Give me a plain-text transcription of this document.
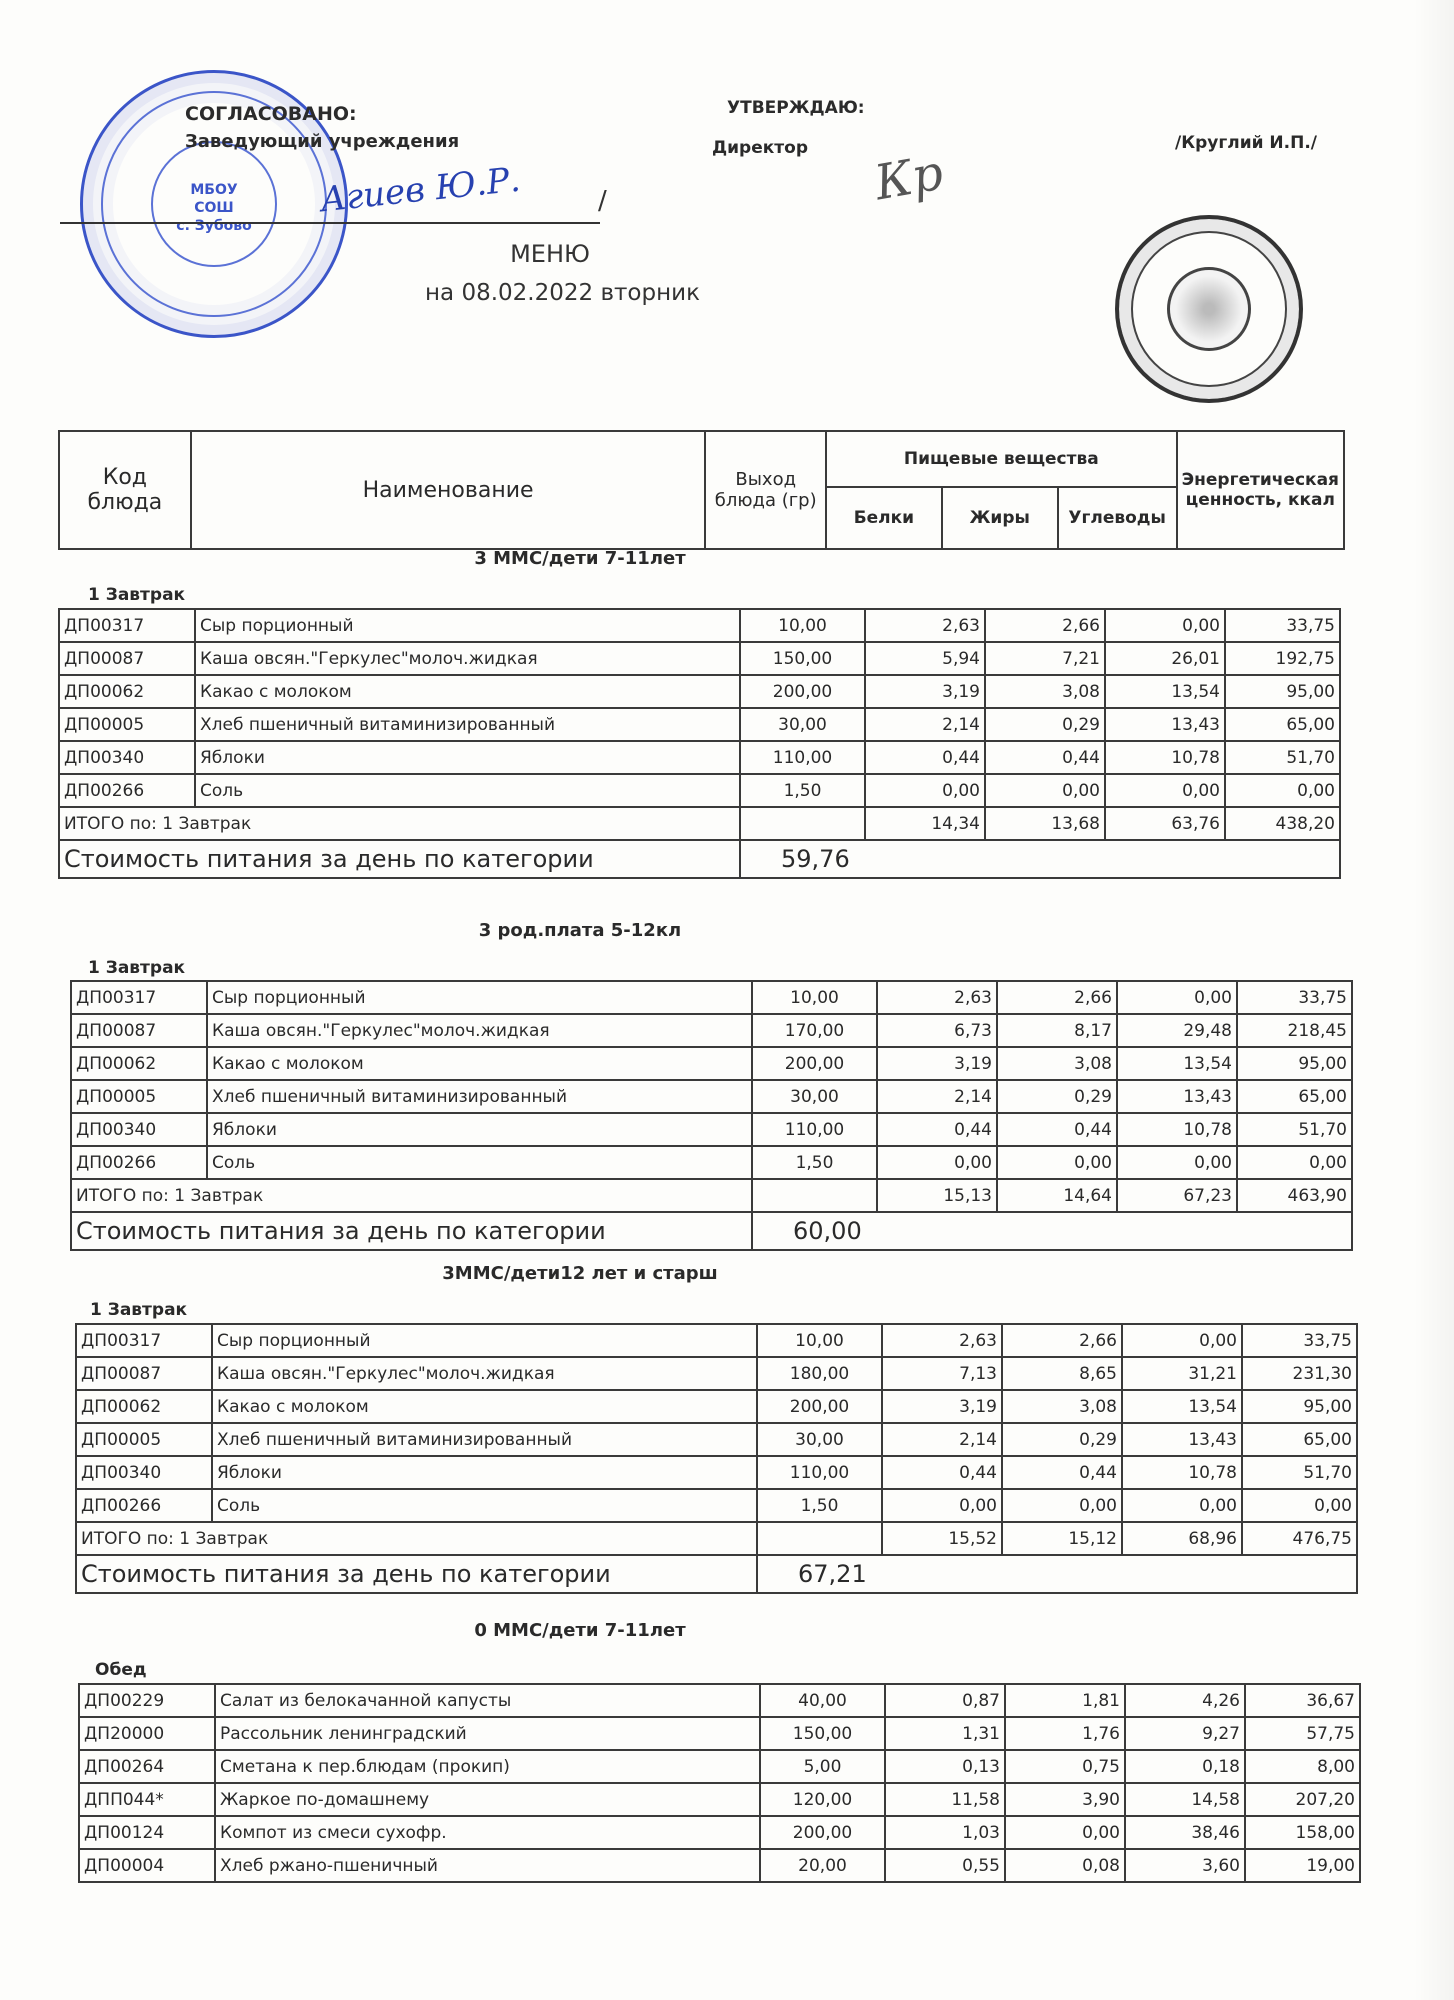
МБОУ
СОШ
с. Зубово
Агиев Ю.Р.	Кр
СОГЛАСОВАНО:
Заведующий учреждения
/
УТВЕРЖДАЮ:
Директор	/Круглий И.П./
МЕНЮ
на 08.02.2022 вторник
Код блюда	Наименование	Выход блюда (гр)	Пищевые вещества			Энергетическая ценность, ккал
			Белки	Жиры	Углеводы	
3 ММС/дети 7-11лет
1 Завтрак
ДП00317	Сыр порционный	10,00	2,63	2,66	0,00	33,75
ДП00087	Каша овсян."Геркулес"молоч.жидкая	150,00	5,94	7,21	26,01	192,75
ДП00062	Какао с молоком	200,00	3,19	3,08	13,54	95,00
ДП00005	Хлеб пшеничный витаминизированный	30,00	2,14	0,29	13,43	65,00
ДП00340	Яблоки	110,00	0,44	0,44	10,78	51,70
ДП00266	Соль	1,50	0,00	0,00	0,00	0,00
ИТОГО по: 1 Завтрак			14,34	13,68	63,76	438,20
Стоимость питания за день по категории		59,76				
3 род.плата 5-12кл
1 Завтрак
ДП00317	Сыр порционный	10,00	2,63	2,66	0,00	33,75
ДП00087	Каша овсян."Геркулес"молоч.жидкая	170,00	6,73	8,17	29,48	218,45
ДП00062	Какао с молоком	200,00	3,19	3,08	13,54	95,00
ДП00005	Хлеб пшеничный витаминизированный	30,00	2,14	0,29	13,43	65,00
ДП00340	Яблоки	110,00	0,44	0,44	10,78	51,70
ДП00266	Соль	1,50	0,00	0,00	0,00	0,00
ИТОГО по: 1 Завтрак			15,13	14,64	67,23	463,90
Стоимость питания за день по категории		60,00				
3ММС/дети12 лет и старш
1 Завтрак
ДП00317	Сыр порционный	10,00	2,63	2,66	0,00	33,75
ДП00087	Каша овсян."Геркулес"молоч.жидкая	180,00	7,13	8,65	31,21	231,30
ДП00062	Какао с молоком	200,00	3,19	3,08	13,54	95,00
ДП00005	Хлеб пшеничный витаминизированный	30,00	2,14	0,29	13,43	65,00
ДП00340	Яблоки	110,00	0,44	0,44	10,78	51,70
ДП00266	Соль	1,50	0,00	0,00	0,00	0,00
ИТОГО по: 1 Завтрак			15,52	15,12	68,96	476,75
Стоимость питания за день по категории		67,21				
0 ММС/дети 7-11лет
Обед
ДП00229	Салат из белокачанной капусты	40,00	0,87	1,81	4,26	36,67
ДП20000	Рассольник ленинградский	150,00	1,31	1,76	9,27	57,75
ДП00264	Сметана к пер.блюдам (прокип)	5,00	0,13	0,75	0,18	8,00
ДПП044*	Жаркое по-домашнему	120,00	11,58	3,90	14,58	207,20
ДП00124	Компот из смеси сухофр.	200,00	1,03	0,00	38,46	158,00
ДП00004	Хлеб ржано-пшеничный	20,00	0,55	0,08	3,60	19,00
